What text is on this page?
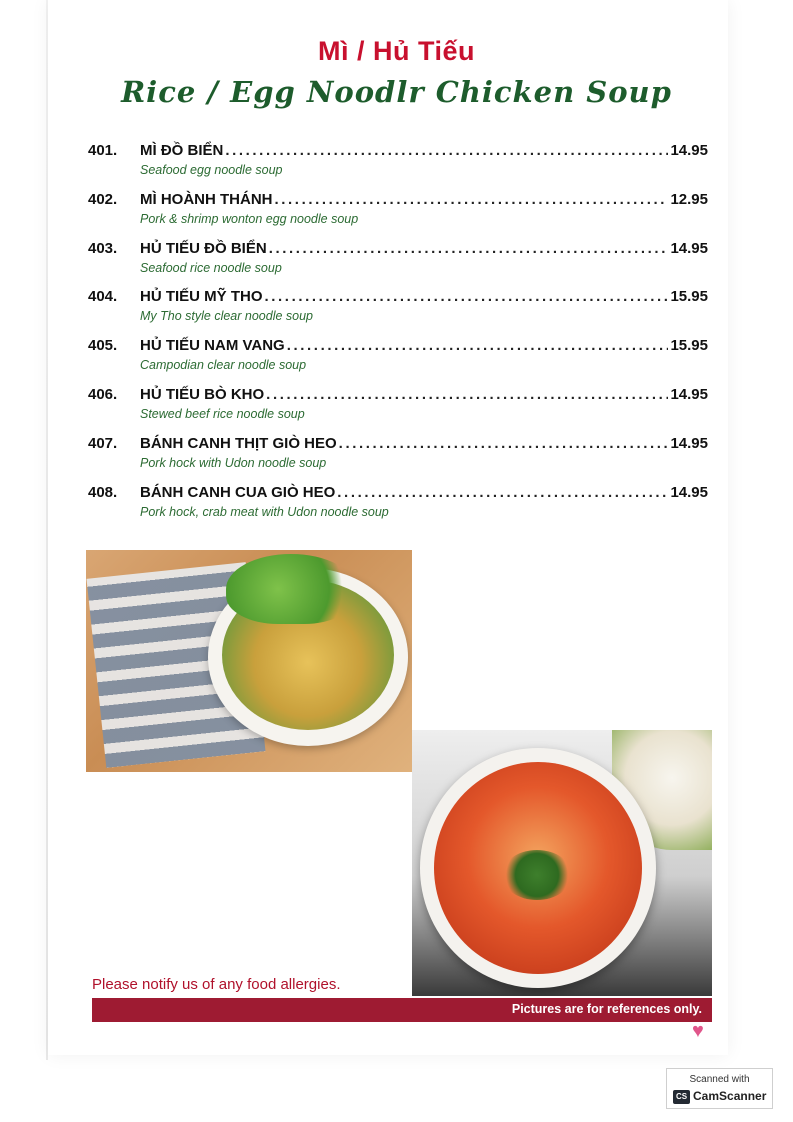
Mì / Hủ Tiếu
Rice / Egg Noodlr Chicken Soup
401.	MÌ ĐỒ BIỂN .....	14.95
Seafood egg noodle soup
402.	MÌ HOÀNH THÁNH .....	12.95
Pork & shrimp wonton egg noodle soup
403.	HỦ TIẾU ĐỒ BIỂN .....	14.95
Seafood rice noodle soup
404.	HỦ TIẾU MỸ THO .....	15.95
My Tho style clear noodle soup
405.	HỦ TIẾU NAM VANG .....	15.95
Campodian clear noodle soup
406.	HỦ TIẾU BÒ KHO .....	14.95
Stewed beef rice noodle soup
407.	BÁNH CANH THỊT GIÒ HEO .....	14.95
Pork hock with Udon noodle soup
408.	BÁNH CANH CUA GIÒ HEO .....	14.95
Pork hock, crab meat with Udon noodle soup
Please notify us of any food allergies.
Pictures are for references only.
♥
Scanned with
CS CamScanner
